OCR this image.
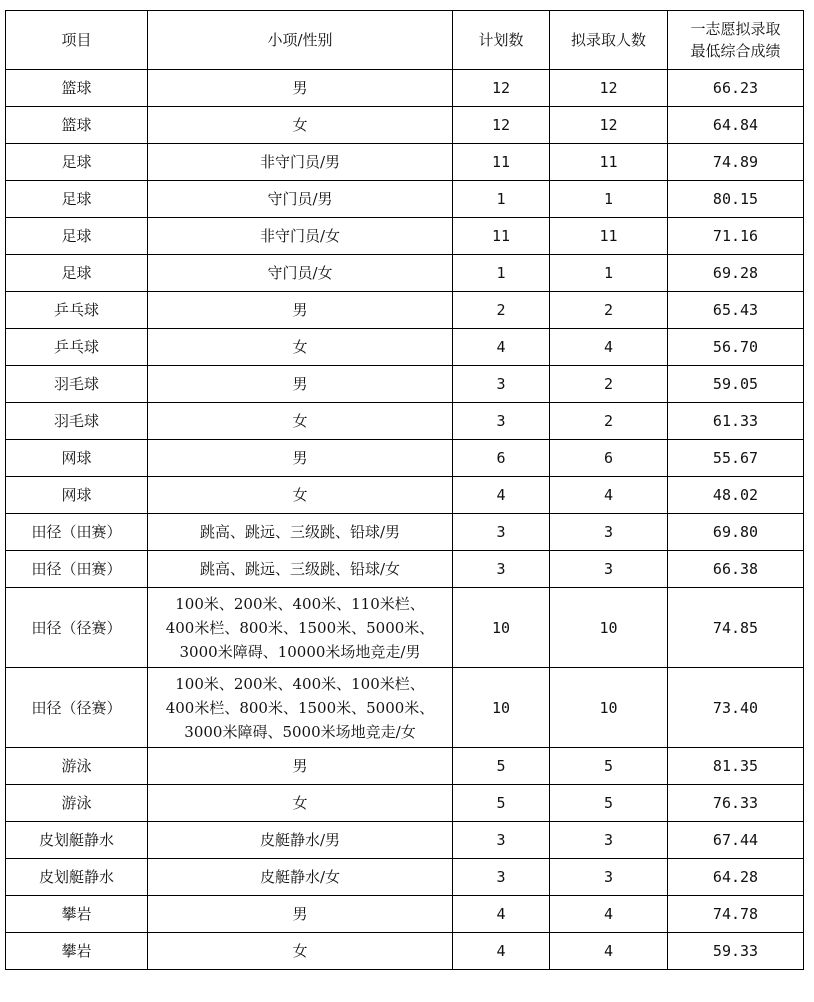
项目	小项/性别	计划数	拟录取人数	一志愿拟录取
最低综合成绩
篮球	男	12	12	66.23
篮球	女	12	12	64.84
足球	非守门员/男	11	11	74.89
足球	守门员/男	1	1	80.15
足球	非守门员/女	11	11	71.16
足球	守门员/女	1	1	69.28
乒乓球	男	2	2	65.43
乒乓球	女	4	4	56.70
羽毛球	男	3	2	59.05
羽毛球	女	3	2	61.33
网球	男	6	6	55.67
网球	女	4	4	48.02
田径（田赛）	跳高、跳远、三级跳、铅球/男	3	3	69.80
田径（田赛）	跳高、跳远、三级跳、铅球/女	3	3	66.38
田径（径赛）	100米、200米、400米、110米栏、
400米栏、800米、1500米、5000米、
3000米障碍、10000米场地竞走/男	10	10	74.85
田径（径赛）	100米、200米、400米、100米栏、
400米栏、800米、1500米、5000米、
3000米障碍、5000米场地竞走/女	10	10	73.40
游泳	男	5	5	81.35
游泳	女	5	5	76.33
皮划艇静水	皮艇静水/男	3	3	67.44
皮划艇静水	皮艇静水/女	3	3	64.28
攀岩	男	4	4	74.78
攀岩	女	4	4	59.33
